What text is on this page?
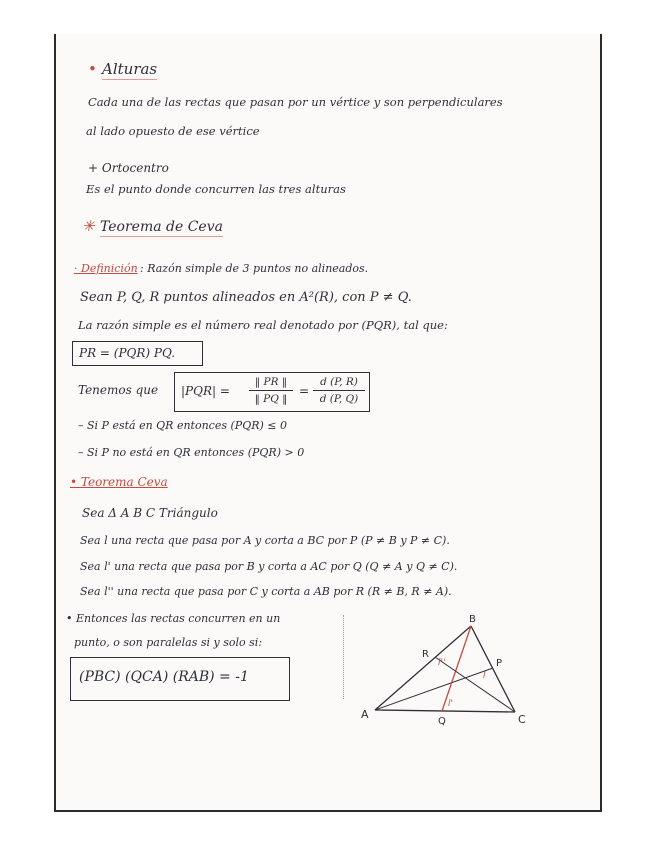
• Alturas
Cada una de las rectas que pasan por un vértice y son perpendiculares
al lado opuesto de ese vértice
+ Ortocentro
Es el punto donde concurren las tres alturas
✳ Teorema de Ceva
· Definición : Razón simple de 3 puntos no alineados.
Sean P, Q, R puntos alineados en A²(R), con P ≠ Q.
La razón simple es el número real denotado por (PQR), tal que:
PR = (PQR) PQ.
Tenemos que |PQR| =
‖ PR ‖
‖ PQ ‖
=
d (P, R)
d (P, Q)
– Si P está en QR entonces (PQR) ≤ 0
– Si P no está en QR entonces (PQR) > 0
• Teorema Ceva
Sea Δ A B C Triángulo
Sea l una recta que pasa por A y corta a BC por P (P ≠ B y P ≠ C).
Sea l' una recta que pasa por B y corta a AC por Q (Q ≠ A y Q ≠ C).
Sea l'' una recta que pasa por C y corta a AB por R (R ≠ B, R ≠ A).
• Entonces las rectas concurren en un
punto, o son paralelas si y solo si:
(PBC) (QCA) (RAB) = -1
A
B
C
P
Q
R
l
l'
l''
